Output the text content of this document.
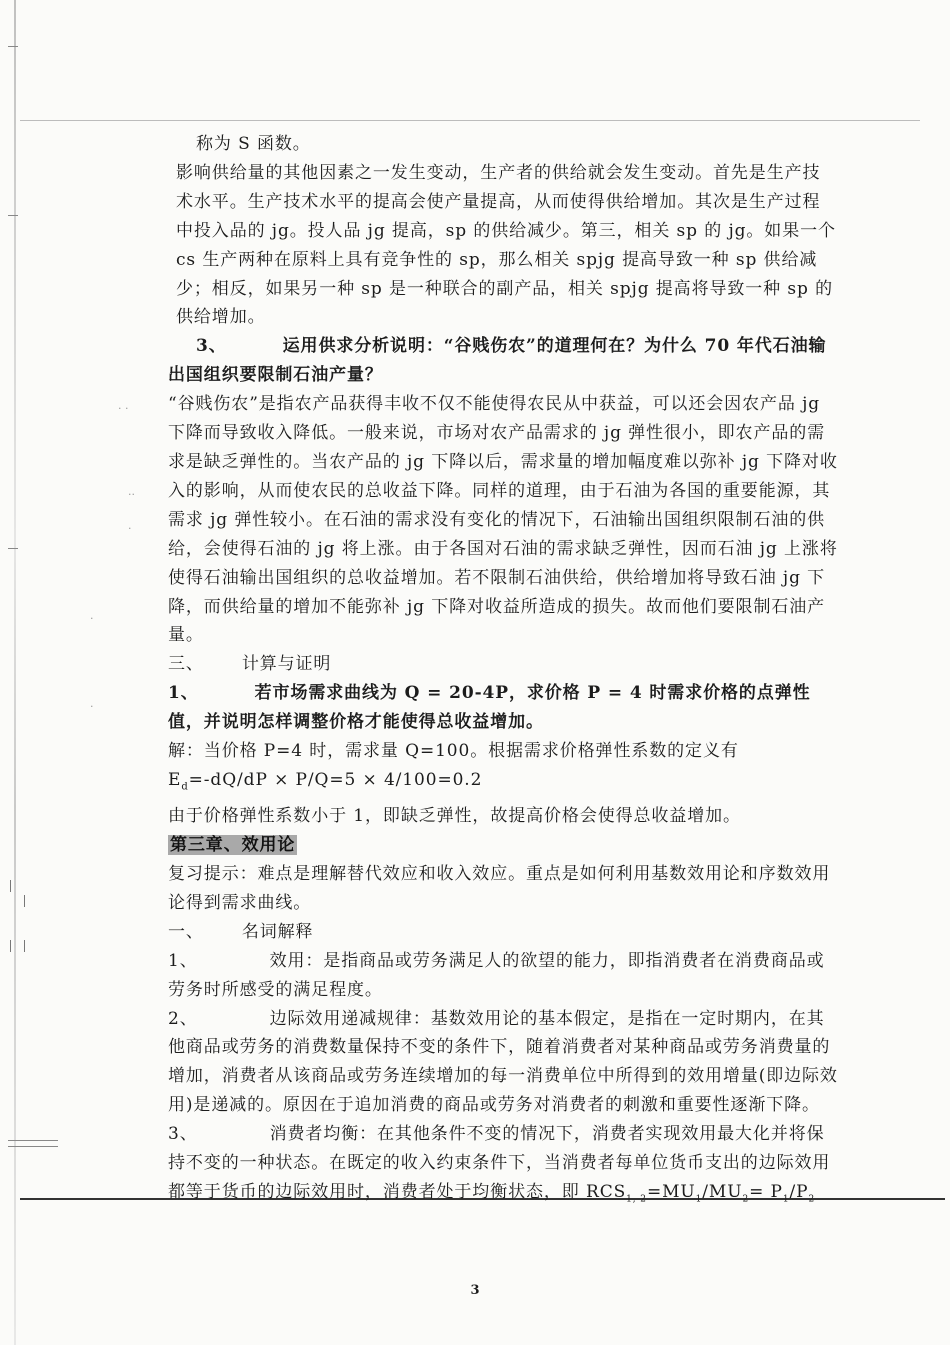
· ·
··
·
·
·

称为 S 函数。

影响供给量的其他因素之一发生变动，生产者的供给就会发生变动。首先是生产技术水平。生产技术水平的提高会使产量提高，从而使得供给增加。其次是生产过程中投入品的 jg。投人品 jg 提高，sp 的供给减少。第三，相关 sp 的 jg。如果一个 cs 生产两种在原料上具有竞争性的 sp，那么相关 spjg 提高导致一种 sp 供给减少；相反，如果另一种 sp 是一种联合的副产品，相关 spjg 提高将导致一种 sp 的供给增加。

3、	运用供求分析说明：“谷贱伤农”的道理何在？为什么 70 年代石油输出国组织要限制石油产量？

“谷贱伤农”是指农产品获得丰收不仅不能使得农民从中获益，可以还会因农产品 jg 下降而导致收入降低。一般来说，市场对农产品需求的 jg 弹性很小，即农产品的需求是缺乏弹性的。当农产品的 jg 下降以后，需求量的增加幅度难以弥补 jg 下降对收入的影响，从而使农民的总收益下降。同样的道理，由于石油为各国的重要能源，其需求 jg 弹性较小。在石油的需求没有变化的情况下，石油输出国组织限制石油的供给，会使得石油的 jg 将上涨。由于各国对石油的需求缺乏弹性，因而石油 jg 上涨将使得石油输出国组织的总收益增加。若不限制石油供给，供给增加将导致石油 jg 下降，而供给量的增加不能弥补 jg 下降对收益所造成的损失。故而他们要限制石油产量。

三、 计算与证明

1、	若市场需求曲线为 Q = 20-4P，求价格 P = 4 时需求价格的点弹性值，并说明怎样调整价格才能使得总收益增加。

解：当价格 P=4 时，需求量 Q=100。根据需求价格弹性系数的定义有

$E_d=-dQ/dP \times P/Q=5 \times 4/100=0.2$

由于价格弹性系数小于 1，即缺乏弹性，故提高价格会使得总收益增加。

第三章、效用论

复习提示：难点是理解替代效应和收入效应。重点是如何利用基数效用论和序数效用论得到需求曲线。

一、 名词解释

1、	效用：是指商品或劳务满足人的欲望的能力，即指消费者在消费商品或劳务时所感受的满足程度。

2、	边际效用递减规律：基数效用论的基本假定，是指在一定时期内，在其他商品或劳务的消费数量保持不变的条件下，随着消费者对某种商品或劳务消费量的增加，消费者从该商品或劳务连续增加的每一消费单位中所得到的效用增量(即边际效用)是递减的。原因在于追加消费的商品或劳务对消费者的刺激和重要性逐渐下降。

3、	消费者均衡：在其他条件不变的情况下，消费者实现效用最大化并将保持不变的一种状态。在既定的收入约束条件下，当消费者每单位货币支出的边际效用都等于货币的边际效用时，消费者处于均衡状态，即 $RCS_{1, 2}=MU_1/MU_2= P_1/P_2$

3
